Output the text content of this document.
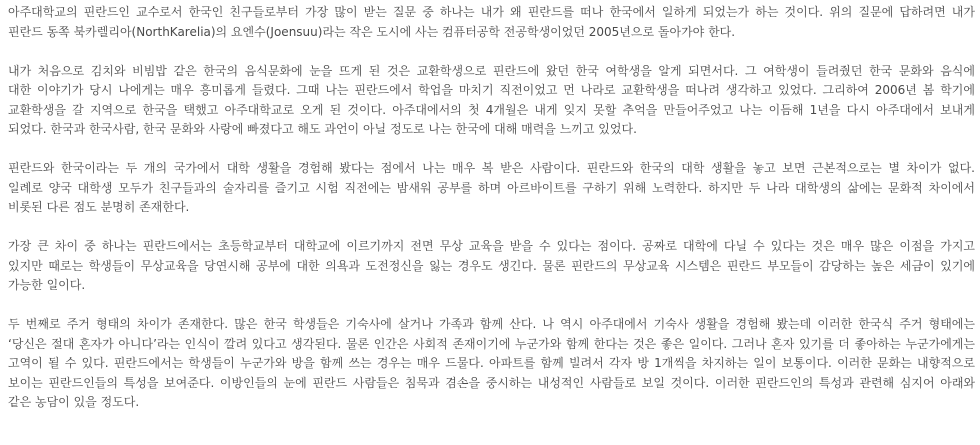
아주대학교의 핀란드인 교수로서 한국인 친구들로부터 가장 많이 받는 질문 중 하나는 내가 왜 핀란드를 떠나 한국에서 일하게 되었는가 하는 것이다. 위의 질문에 답하려면 내가
핀란드 동쪽 북카렐리아(NorthKarelia)의 요엔수(Joensuu)라는 작은 도시에 사는 컴퓨터공학 전공학생이었던 2005년으로 돌아가야 한다.
내가 처음으로 김치와 비빔밥 같은 한국의 음식문화에 눈을 뜨게 된 것은 교환학생으로 핀란드에 왔던 한국 여학생을 알게 되면서다. 그 여학생이 들려줬던 한국 문화와 음식에
대한 이야기가 당시 나에게는 매우 흥미롭게 들렸다. 그때 나는 핀란드에서 학업을 마치기 직전이었고 먼 나라로 교환학생을 떠나려 생각하고 있었다. 그리하여 2006년 봄 학기에
교환학생을 갈 지역으로 한국을 택했고 아주대학교로 오게 된 것이다. 아주대에서의 첫 4개월은 내게 잊지 못할 추억을 만들어주었고 나는 이듬해 1년을 다시 아주대에서 보내게
되었다. 한국과 한국사람, 한국 문화와 사랑에 빠졌다고 해도 과언이 아닐 정도로 나는 한국에 대해 매력을 느끼고 있었다.
핀란드와 한국이라는 두 개의 국가에서 대학 생활을 경험해 봤다는 점에서 나는 매우 복 받은 사람이다. 핀란드와 한국의 대학 생활을 놓고 보면 근본적으로는 별 차이가 없다.
일례로 양국 대학생 모두가 친구들과의 술자리를 즐기고 시험 직전에는 밤새워 공부를 하며 아르바이트를 구하기 위해 노력한다. 하지만 두 나라 대학생의 삶에는 문화적 차이에서
비롯된 다른 점도 분명히 존재한다.
가장 큰 차이 중 하나는 핀란드에서는 초등학교부터 대학교에 이르기까지 전면 무상 교육을 받을 수 있다는 점이다. 공짜로 대학에 다닐 수 있다는 것은 매우 많은 이점을 가지고
있지만 때로는 학생들이 무상교육을 당연시해 공부에 대한 의욕과 도전정신을 잃는 경우도 생긴다. 물론 핀란드의 무상교육 시스템은 핀란드 부모들이 감당하는 높은 세금이 있기에
가능한 일이다.
두 번째로 주거 형태의 차이가 존재한다. 많은 한국 학생들은 기숙사에 살거나 가족과 함께 산다. 나 역시 아주대에서 기숙사 생활을 경험해 봤는데 이러한 한국식 주거 형태에는
‘당신은 절대 혼자가 아니다’라는 인식이 깔려 있다고 생각된다. 물론 인간은 사회적 존재이기에 누군가와 함께 한다는 것은 좋은 일이다. 그러나 혼자 있기를 더 좋아하는 누군가에게는
고역이 될 수 있다. 핀란드에서는 학생들이 누군가와 방을 함께 쓰는 경우는 매우 드물다. 아파트를 함께 빌려서 각자 방 1개씩을 차지하는 일이 보통이다. 이러한 문화는 내향적으로
보이는 핀란드인들의 특성을 보여준다. 이방인들의 눈에 핀란드 사람들은 침묵과 겸손을 중시하는 내성적인 사람들로 보일 것이다. 이러한 핀란드인의 특성과 관련해 심지어 아래와
같은 농담이 있을 정도다.
